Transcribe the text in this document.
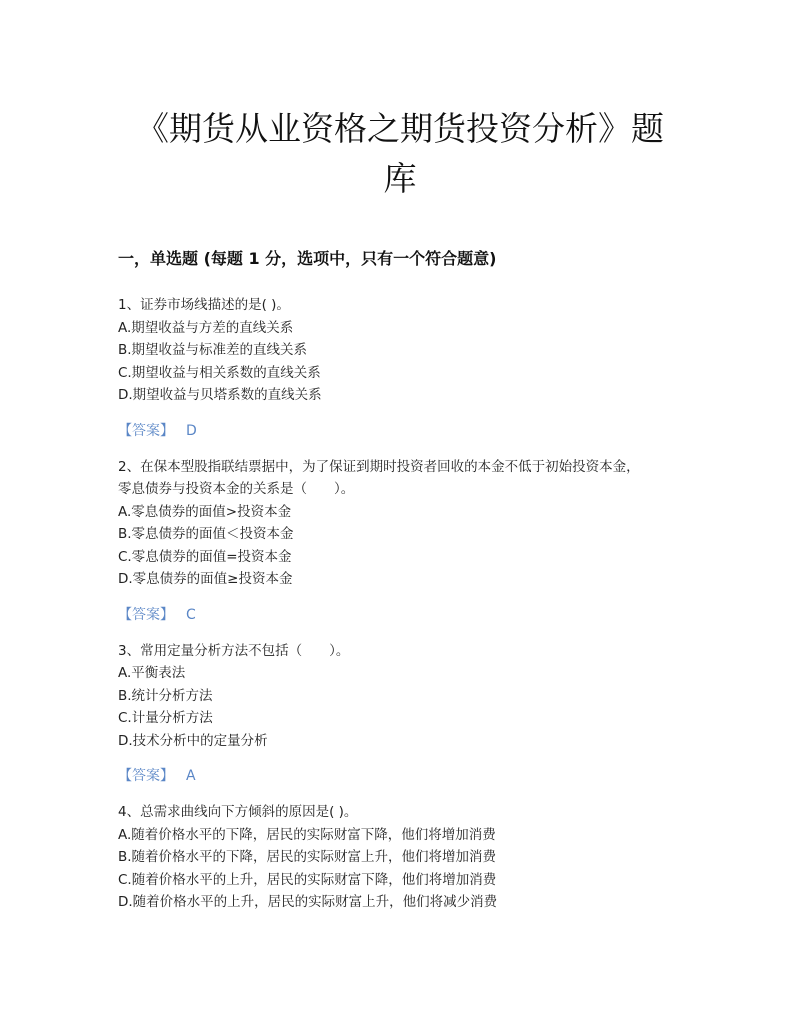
《期货从业资格之期货投资分析》题
库
一，单选题 (每题 1 分，选项中，只有一个符合题意)
1、证券市场线描述的是( )。
A.期望收益与方差的直线关系
B.期望收益与标准差的直线关系
C.期望收益与相关系数的直线关系
D.期望收益与贝塔系数的直线关系
【答案】 D
2、在保本型股指联结票据中，为了保证到期时投资者回收的本金不低于初始投资本金，
零息债券与投资本金的关系是（　　）。
A.零息债券的面值>投资本金
B.零息债券的面值＜投资本金
C.零息债券的面值=投资本金
D.零息债券的面值≥投资本金
【答案】 C
3、常用定量分析方法不包括（　　）。
A.平衡表法
B.统计分析方法
C.计量分析方法
D.技术分析中的定量分析
【答案】 A
4、总需求曲线向下方倾斜的原因是( )。
A.随着价格水平的下降，居民的实际财富下降，他们将增加消费
B.随着价格水平的下降，居民的实际财富上升，他们将增加消费
C.随着价格水平的上升，居民的实际财富下降，他们将增加消费
D.随着价格水平的上升，居民的实际财富上升，他们将减少消费
